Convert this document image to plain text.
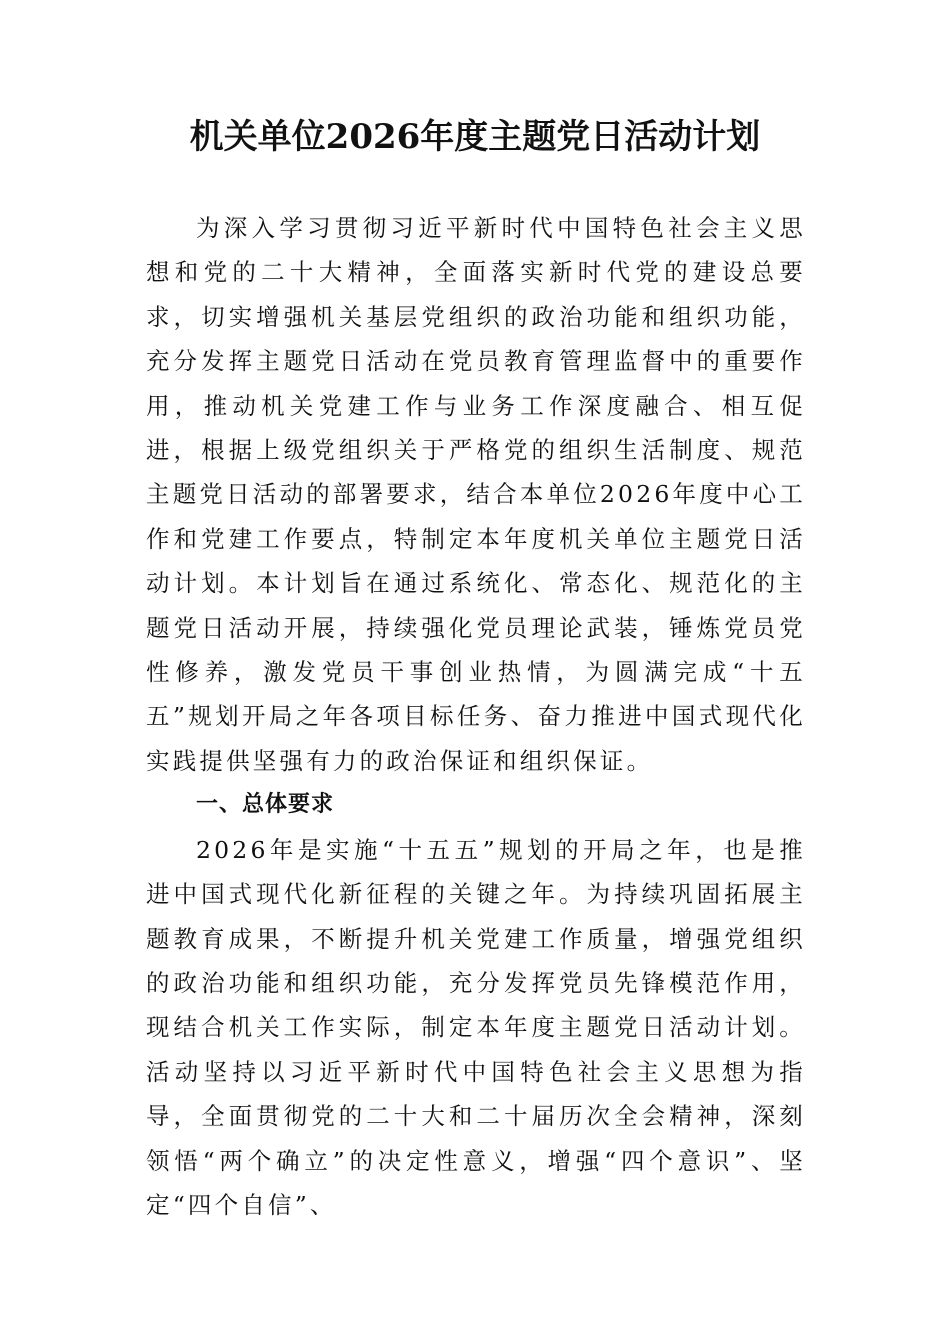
机关单位2026年度主题党日活动计划

为深入学习贯彻习近平新时代中国特色社会主义思想和党的二十大精神，全面落实新时代党的建设总要求，切实增强机关基层党组织的政治功能和组织功能，充分发挥主题党日活动在党员教育管理监督中的重要作用，推动机关党建工作与业务工作深度融合、相互促进，根据上级党组织关于严格党的组织生活制度、规范主题党日活动的部署要求，结合本单位2026年度中心工作和党建工作要点，特制定本年度机关单位主题党日活动计划。本计划旨在通过系统化、常态化、规范化的主题党日活动开展，持续强化党员理论武装，锤炼党员党性修养，激发党员干事创业热情，为圆满完成“十五五”规划开局之年各项目标任务、奋力推进中国式现代化实践提供坚强有力的政治保证和组织保证。

一、总体要求

2026年是实施“十五五”规划的开局之年，也是推进中国式现代化新征程的关键之年。为持续巩固拓展主题教育成果，不断提升机关党建工作质量，增强党组织的政治功能和组织功能，充分发挥党员先锋模范作用，现结合机关工作实际，制定本年度主题党日活动计划。活动坚持以习近平新时代中国特色社会主义思想为指导，全面贯彻党的二十大和二十届历次全会精神，深刻领悟“两个确立”的决定性意义，增强“四个意识”、坚定“四个自信”、
